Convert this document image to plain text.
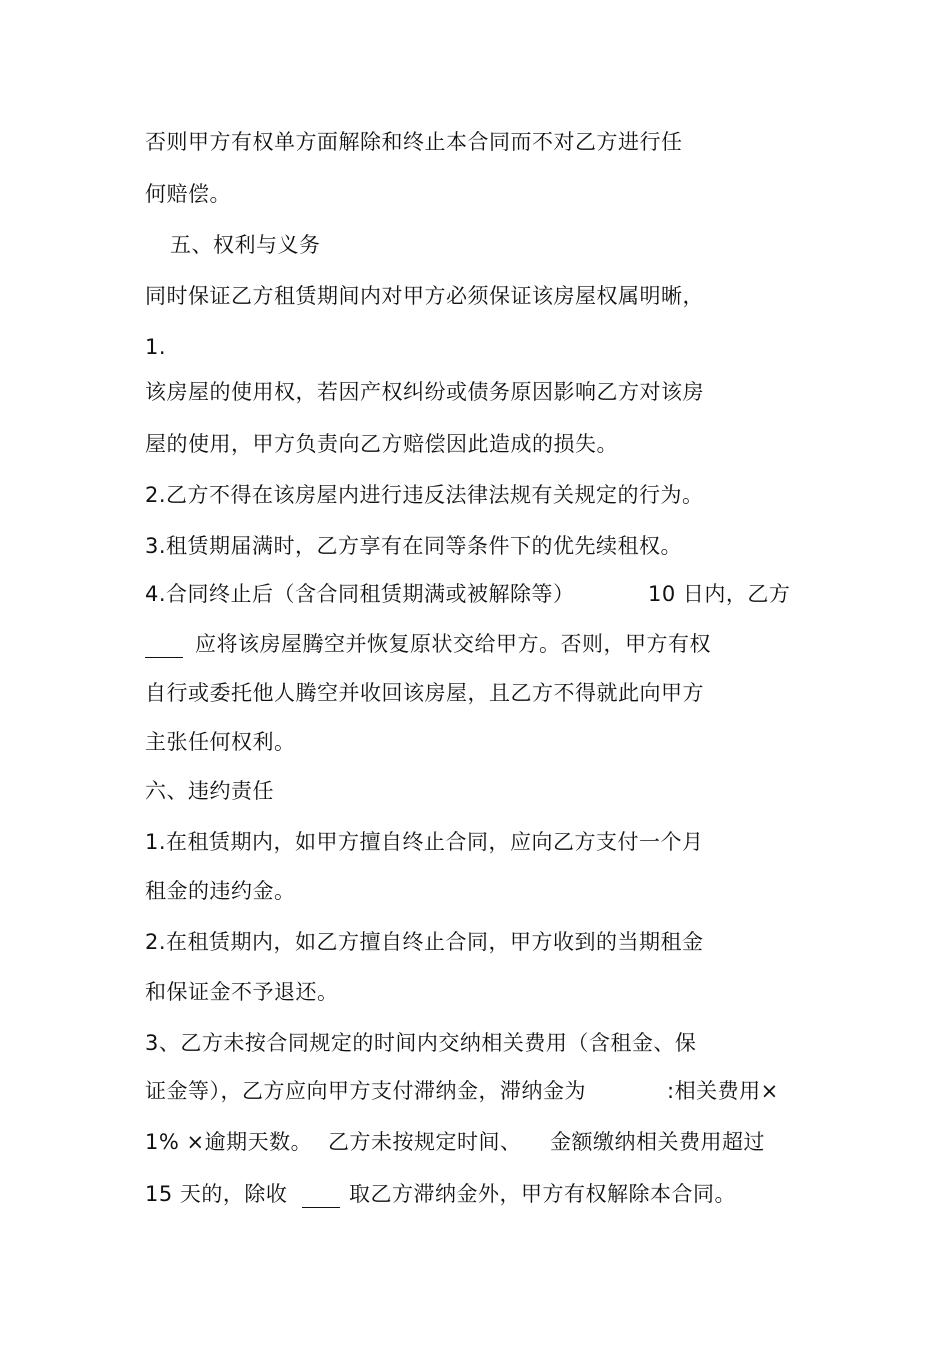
否则甲方有权单方面解除和终止本合同而不对乙方进行任
何赔偿。
五、权利与义务
同时保证乙方租赁期间内对甲方必须保证该房屋权属明晰，
1.
该房屋的使用权，若因产权纠纷或债务原因影响乙方对该房
屋的使用，甲方负责向乙方赔偿因此造成的损失。
2.乙方不得在该房屋内进行违反法律法规有关规定的行为。
3.租赁期届满时，乙方享有在同等条件下的优先续租权。
4.合同终止后（含合同租赁期满或被解除等）	10 日内，乙方
应将该房屋腾空并恢复原状交给甲方。否则，甲方有权
自行或委托他人腾空并收回该房屋，且乙方不得就此向甲方
主张任何权利。
六、违约责任
1.在租赁期内，如甲方擅自终止合同，应向乙方支付一个月
租金的违约金。
2.在租赁期内，如乙方擅自终止合同，甲方收到的当期租金
和保证金不予退还。
3、乙方未按合同规定的时间内交纳相关费用（含租金、保
证金等），乙方应向甲方支付滞纳金，滞纳金为	:相关费用×
1% ×逾期天数。 乙方未按规定时间、 金额缴纳相关费用超过
15 天的，除收	取乙方滞纳金外，甲方有权解除本合同。
